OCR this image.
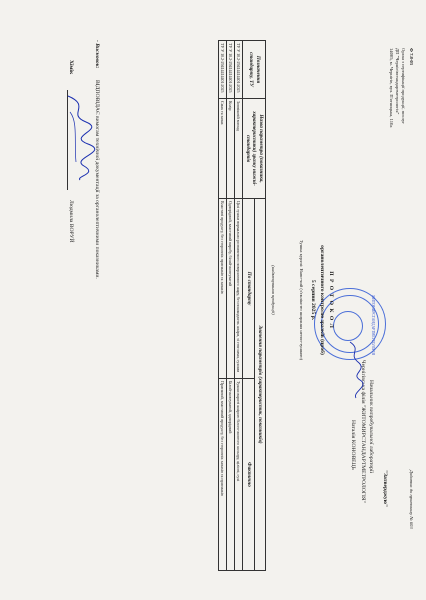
Ф 7.8-03
Орган з сертифікації продукції, послуг
ДП "Чернігівстандартметрологія"
14005, м. Чернігів, вул. П'ятницька, 110а
Додаток до протоколу № 603
"Затверджую"
Начальник випробувальної лабораторії
Чернігівська філія "ЖИТОМИРСТАНДАРТМЕТРОЛОГІЯ"
Наталія КОНОВЕЦЬ
ЖИТОМИРСТАНДАРТМЕТРОЛОГІЯ
П Р О Т О К О Л
органолептичного контролю зразків (проб)
5 серпня 2025 р.
Тушка курячі: Напо-чий (з'ємлікстю ширяння нетоп-тушкою)
(найменування продукції)
Позначення стандарту, ТУ	Назва параметра (показника, характеристики) зразку нижні-стандартів	Значення параметрів (характеристик, показників)	
		По стандарту	Фактично
ТУ У 10.2-29414414401:2025	Зовнішній вигляд	Цілі тушки нормально розвиненого поверхневого шару, без пошкоджень шкіри, зі стиглими, сухими	Тушки вкриті шкірою білого-жовтого кольору, цілісні, сухі
ТУ У 10.2-29414414401:2025	Колір	Однорідний, властивий виробу, білий-жовтуватий	Білий-жовтуватий, однорідний
ТУ У 10.2-29414414401:2025	Смак та запах	Властиві продукту, без сторонніх присмаків та запахів	Приємний, властивий продукту, без сторонніх запахів та присмаків
- Висновок:
ВІДПОВІДАЄ вимогам технічної документації за органолептичними показниками.
Хімік
Людмила ВОРУЙ
